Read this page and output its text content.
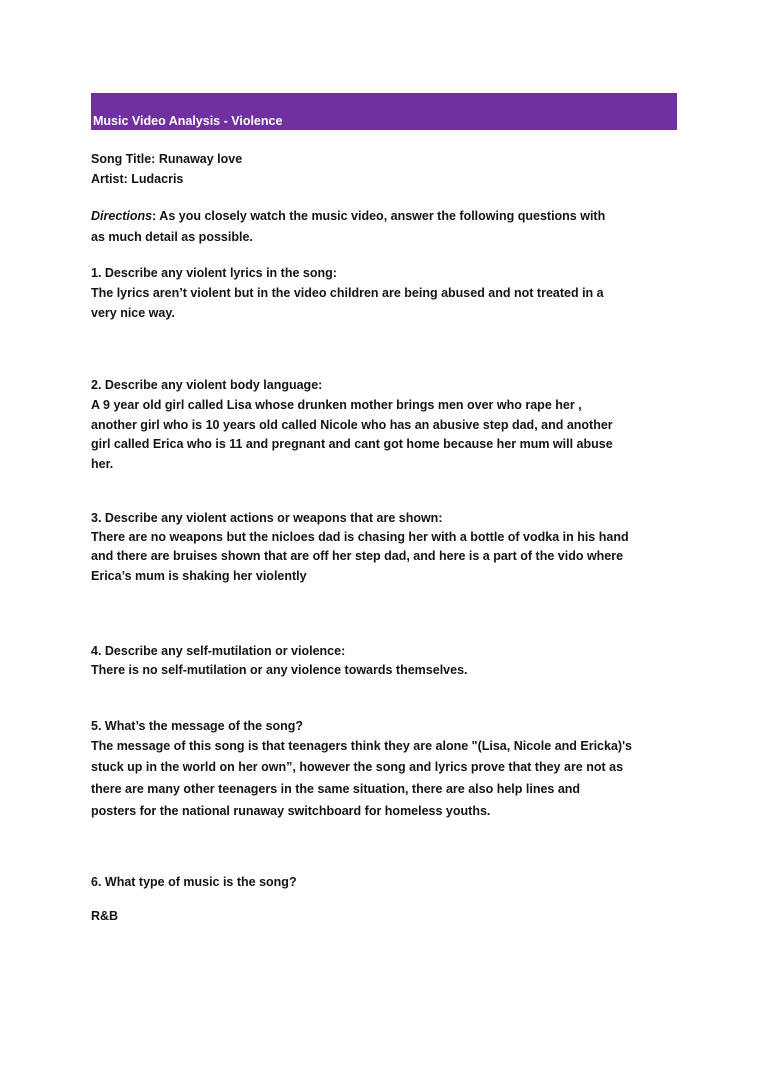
Music Video Analysis - Violence
Song Title: Runaway love
Artist: Ludacris
Directions: As you closely watch the music video, answer the following questions with
as much detail as possible.
1. Describe any violent lyrics in the song:
The lyrics aren’t violent but in the video children are being abused and not treated in a
very nice way.
2. Describe any violent body language:
A 9 year old girl called Lisa whose drunken mother brings men over who rape her ,
another girl who is 10 years old called Nicole who has an abusive step dad, and another
girl called Erica who is 11 and pregnant and cant got home because her mum will abuse
her.
3. Describe any violent actions or weapons that are shown:
There are no weapons but the nicloes dad is chasing her with a bottle of vodka in his hand
and there are bruises shown that are off her step dad, and here is a part of the vido where
Erica’s mum is shaking her violently
4. Describe any self-mutilation or violence:
There is no self-mutilation or any violence towards themselves.
5. What’s the message of the song?
The message of this song is that teenagers think they are alone "(Lisa, Nicole and Ericka)'s
stuck up in the world on her own”, however the song and lyrics prove that they are not as
there are many other teenagers in the same situation, there are also help lines and
posters for the national runaway switchboard for homeless youths.
6. What type of music is the song?
R&B
